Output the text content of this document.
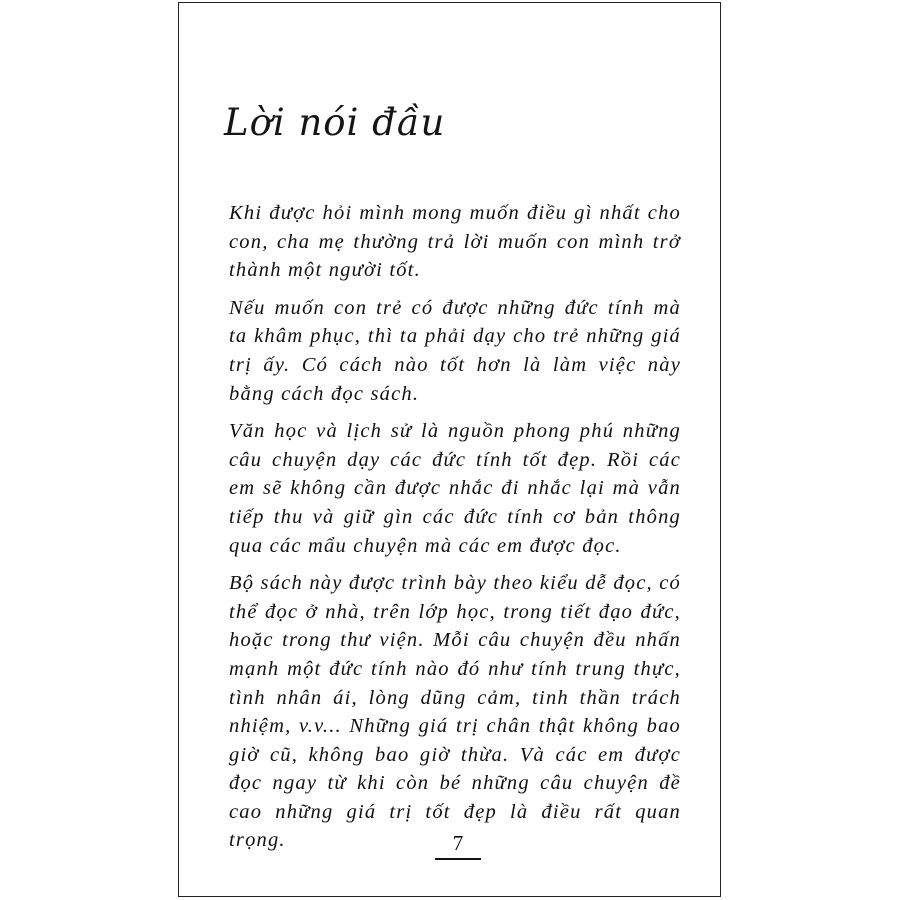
Lời nói đầu

Khi được hỏi mình mong muốn điều gì nhất cho con, cha mẹ thường trả lời muốn con mình trở thành một người tốt.

Nếu muốn con trẻ có được những đức tính mà ta khâm phục, thì ta phải dạy cho trẻ những giá trị ấy. Có cách nào tốt hơn là làm việc này bằng cách đọc sách.

Văn học và lịch sử là nguồn phong phú những câu chuyện dạy các đức tính tốt đẹp. Rồi các em sẽ không cần được nhắc đi nhắc lại mà vẫn tiếp thu và giữ gìn các đức tính cơ bản thông qua các mẩu chuyện mà các em được đọc.

Bộ sách này được trình bày theo kiểu dễ đọc, có thể đọc ở nhà, trên lớp học, trong tiết đạo đức, hoặc trong thư viện. Mỗi câu chuyện đều nhấn mạnh một đức tính nào đó như tính trung thực, tình nhân ái, lòng dũng cảm, tinh thần trách nhiệm, v.v... Những giá trị chân thật không bao giờ cũ, không bao giờ thừa. Và các em được đọc ngay từ khi còn bé những câu chuyện đề cao những giá trị tốt đẹp là điều rất quan trọng.	7
